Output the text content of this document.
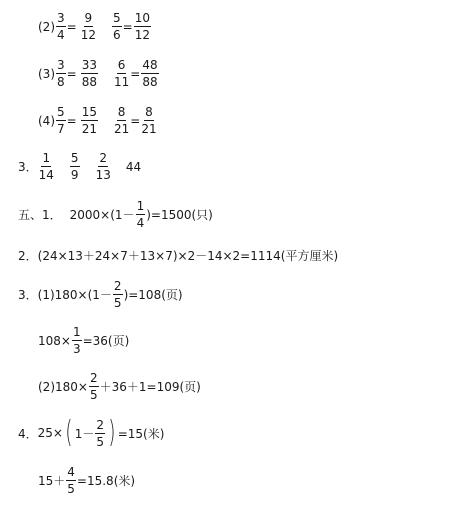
$(2) \frac{3}{4} = \frac{9}{12} \frac{5}{6} = \frac{10}{12}$
$(3) \frac{3}{8} = \frac{33}{88} \frac{6}{11} = \frac{48}{88}$
$(4) \frac{5}{7} = \frac{15}{21} \frac{8}{21} = \frac{8}{21}$
3． $\frac{1}{14} \frac{5}{9} \frac{2}{13} 44$
五、1． $2000\times(1- \frac{1}{4} )=1500$(只)
2． (24×13＋24×7＋13×7)×2－14×2=1114(平方厘米)
3． $(1)180\times(1- \frac{2}{5} )=108$(页)
$108\times \frac{1}{3} =36$(页)
$(2)180\times \frac{2}{5} +36+1=109$(页)
4． 25× ( $1- \frac{2}{5}$ ) =15(米)
$15+ \frac{4}{5} =15.8$(米)
